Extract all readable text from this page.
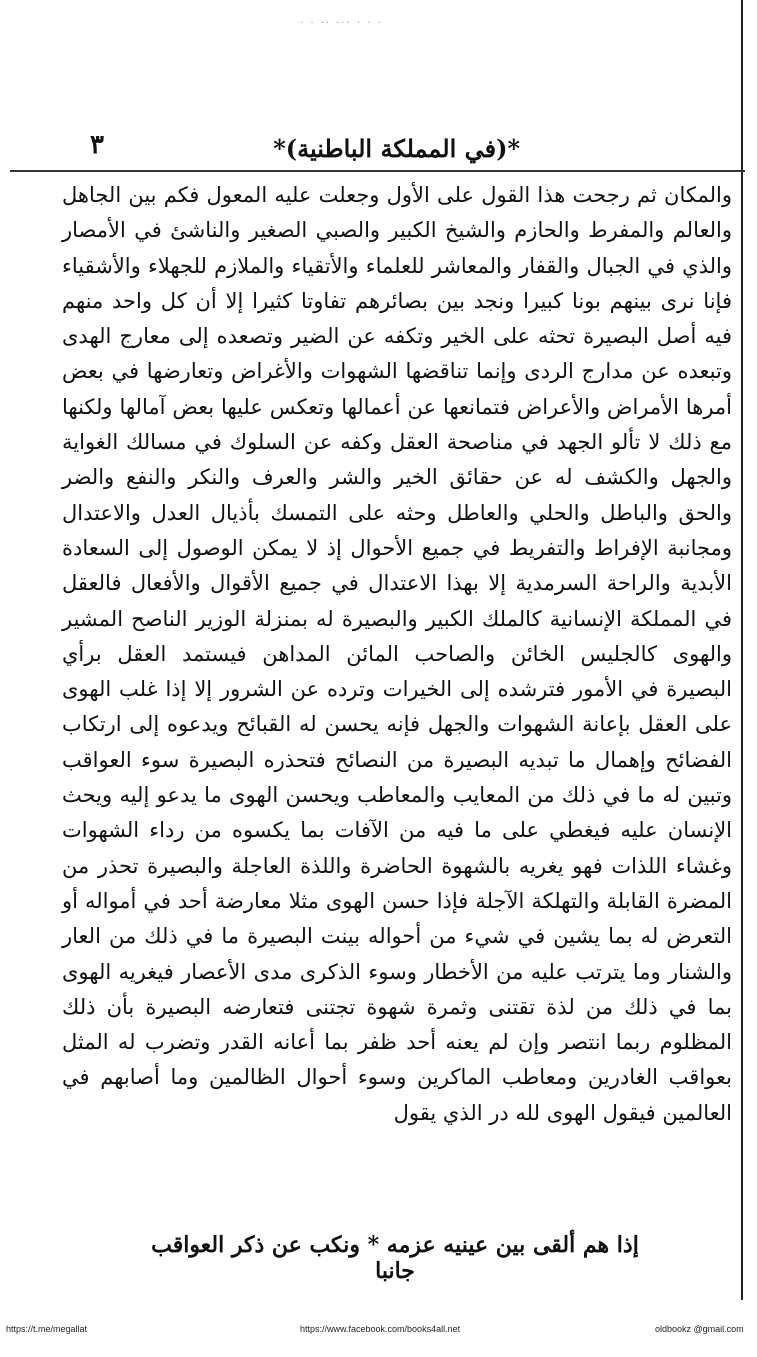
· · ·· ··· · · ·
*(في المملكة الباطنية)*
٣

والمكان ثم رجحت هذا القول على الأول وجعلت عليه المعول فكم بين الجاهل والعالم والمفرط والحازم والشيخ الكبير والصبي الصغير والناشئ في الأمصار والذي في الجبال والقفار والمعاشر للعلماء والأتقياء والملازم للجهلاء والأشقياء فإنا نرى بينهم بونا كبيرا ونجد بين بصائرهم تفاوتا كثيرا إلا أن كل واحد منهم فيه أصل البصيرة تحثه على الخير وتكفه عن الضير وتصعده إلى معارج الهدى وتبعده عن مدارج الردى وإنما تناقضها الشهوات والأغراض وتعارضها في بعض أمرها الأمراض والأعراض فتمانعها عن أعمالها وتعكس عليها بعض آمالها ولكنها مع ذلك لا تألو الجهد في مناصحة العقل وكفه عن السلوك في مسالك الغواية والجهل والكشف له عن حقائق الخير والشر والعرف والنكر والنفع والضر والحق والباطل والحلي والعاطل وحثه على التمسك بأذيال العدل والاعتدال ومجانبة الإفراط والتفريط في جميع الأحوال إذ لا يمكن الوصول إلى السعادة الأبدية والراحة السرمدية إلا بهذا الاعتدال في جميع الأقوال والأفعال فالعقل في المملكة الإنسانية كالملك الكبير والبصيرة له بمنزلة الوزير الناصح المشير والهوى كالجليس الخائن والصاحب المائن المداهن فيستمد العقل برأي البصيرة في الأمور فترشده إلى الخيرات وترده عن الشرور إلا إذا غلب الهوى على العقل بإعانة الشهوات والجهل فإنه يحسن له القبائح ويدعوه إلى ارتكاب الفضائح وإهمال ما تبديه البصيرة من النصائح فتحذره البصيرة سوء العواقب وتبين له ما في ذلك من المعايب والمعاطب ويحسن الهوى ما يدعو إليه ويحث الإنسان عليه فيغطي على ما فيه من الآفات بما يكسوه من رداء الشهوات وغشاء اللذات فهو يغريه بالشهوة الحاضرة واللذة العاجلة والبصيرة تحذر من المضرة القابلة والتهلكة الآجلة فإذا حسن الهوى مثلا معارضة أحد في أمواله أو التعرض له بما يشين في شيء من أحواله بينت البصيرة ما في ذلك من العار والشنار وما يترتب عليه من الأخطار وسوء الذكرى مدى الأعصار فيغريه الهوى بما في ذلك من لذة تقتنى وثمرة شهوة تجتنى فتعارضه البصيرة بأن ذلك المظلوم ربما انتصر وإن لم يعنه أحد ظفر بما أعانه القدر وتضرب له المثل بعواقب الغادرين ومعاطب الماكرين وسوء أحوال الظالمين وما أصابهم في العالمين فيقول الهوى لله در الذي يقول

إذا هم ألقى بين عينيه عزمه * ونكب عن ذكر العواقب جانبا
https://t.me/megallat	https://www.facebook.com/books4all.net	oldbookz @gmail.com
